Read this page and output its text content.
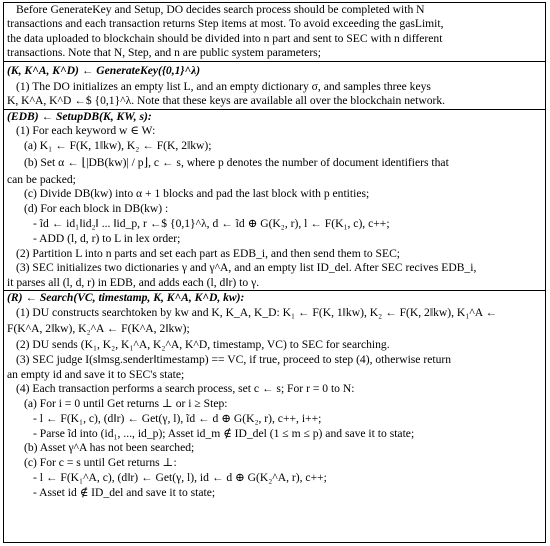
Before GenerateKey and Setup, DO decides search process should be completed with N
transactions and each transaction returns Step items at most. To avoid exceeding the gasLimit,
the data uploaded to blockchain should be divided into n part and sent to SEC with n different
transactions. Note that N, Step, and n are public system parameters;
(K, K^A, K^D) ← GenerateKey({0,1}^λ)
(1) The DO initializes an empty list L, and an empty dictionary σ, and samples three keys
K, K^A, K^D ←$ {0,1}^λ. Note that these keys are available all over the blockchain network.
(EDB) ← SetupDB(K, KW, s):
(1) For each keyword w ∈ W:
(a) K₁ ← F(K, 1‖kw), K₂ ← F(K, 2‖kw);
(b) Set α ← ⌊|DB(kw)| / p⌋, c ← s, where p denotes the number of document identifiers that
can be packed;
(c) Divide DB(kw) into α + 1 blocks and pad the last block with p entities;
(d) For each block in DB(kw) :
- ĩd ← id₁‖id₂‖ ... ‖id_p, r ←$ {0,1}^λ, d ← ĩd ⊕ G(K₂, r), l ← F(K₁, c), c++;
- ADD (l, d, r) to L in lex order;
(2) Partition L into n parts and set each part as EDB_i, and then send them to SEC;
(3) SEC initializes two dictionaries γ and γ^A, and an empty list ID_del. After SEC recives EDB_i,
it parses all (l, d, r) in EDB, and adds each (l, d‖r) to γ.
(R) ← Search(VC, timestamp, K, K^A, K^D, kw):
(1) DU constructs searchtoken by kw and K, K_A, K_D: K₁ ← F(K, 1‖kw), K₂ ← F(K, 2‖kw), K₁^A ←
F(K^A, 2‖kw), K₂^A ← F(K^A, 2‖kw);
(2) DU sends (K₁, K₂, K₁^A, K₂^A, K^D, timestamp, VC) to SEC for searching.
(3) SEC judge I(s‖msg.sender‖timestamp) == VC, if true, proceed to step (4), otherwise return
an empty id and save it to SEC's state;
(4) Each transaction performs a search process, set c ← s; For r = 0 to N:
(a) For i = 0 until Get returns ⊥ or i ≥ Step:
- l ← F(K₁, c), (d‖r) ← Get(γ, l), ĩd ← d ⊕ G(K₂, r), c++, i++;
- Parse ĩd into (id₁, ..., id_p); Asset id_m ∉ ID_del (1 ≤ m ≤ p) and save it to state;
(b) Asset γ^A has not been searched;
(c) For c = s until Get returns ⊥:
- l ← F(K₁^A, c), (d‖r) ← Get(γ, l), id ← d ⊕ G(K₂^A, r), c++;
- Asset id ∉ ID_del and save it to state;
